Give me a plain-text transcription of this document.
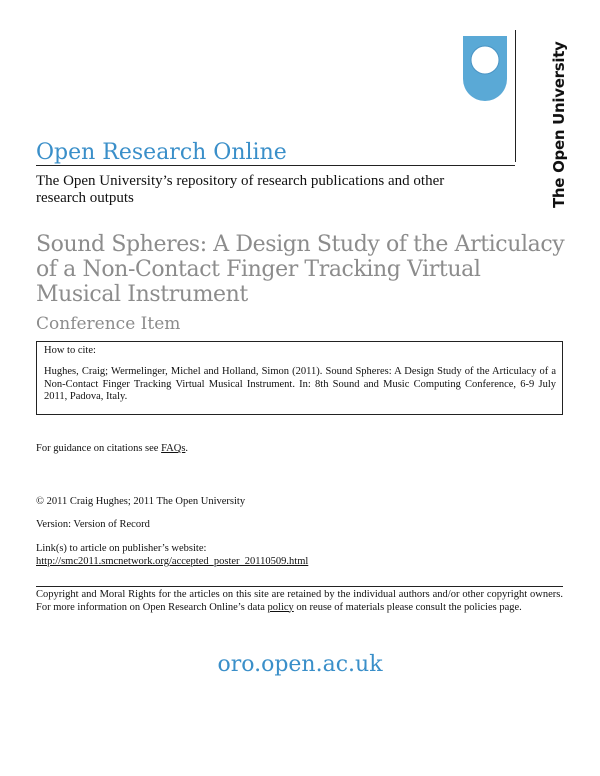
The Open University
Open Research Online
The Open University’s repository of research publications and other research outputs
Sound Spheres: A Design Study of the Articulacy of a Non-Contact Finger Tracking Virtual Musical Instrument
Conference Item
How to cite:
Hughes, Craig; Wermelinger, Michel and Holland, Simon (2011). Sound Spheres: A Design Study of the Articulacy of a Non-Contact Finger Tracking Virtual Musical Instrument. In: 8th Sound and Music Computing Conference, 6-9 July 2011, Padova, Italy.
For guidance on citations see FAQs.
© 2011 Craig Hughes; 2011 The Open University
Version: Version of Record
Link(s) to article on publisher’s website:
http://smc2011.smcnetwork.org/accepted_poster_20110509.html
Copyright and Moral Rights for the articles on this site are retained by the individual authors and/or other copyright owners. For more information on Open Research Online’s data policy on reuse of materials please consult the policies page.
oro.open.ac.uk
